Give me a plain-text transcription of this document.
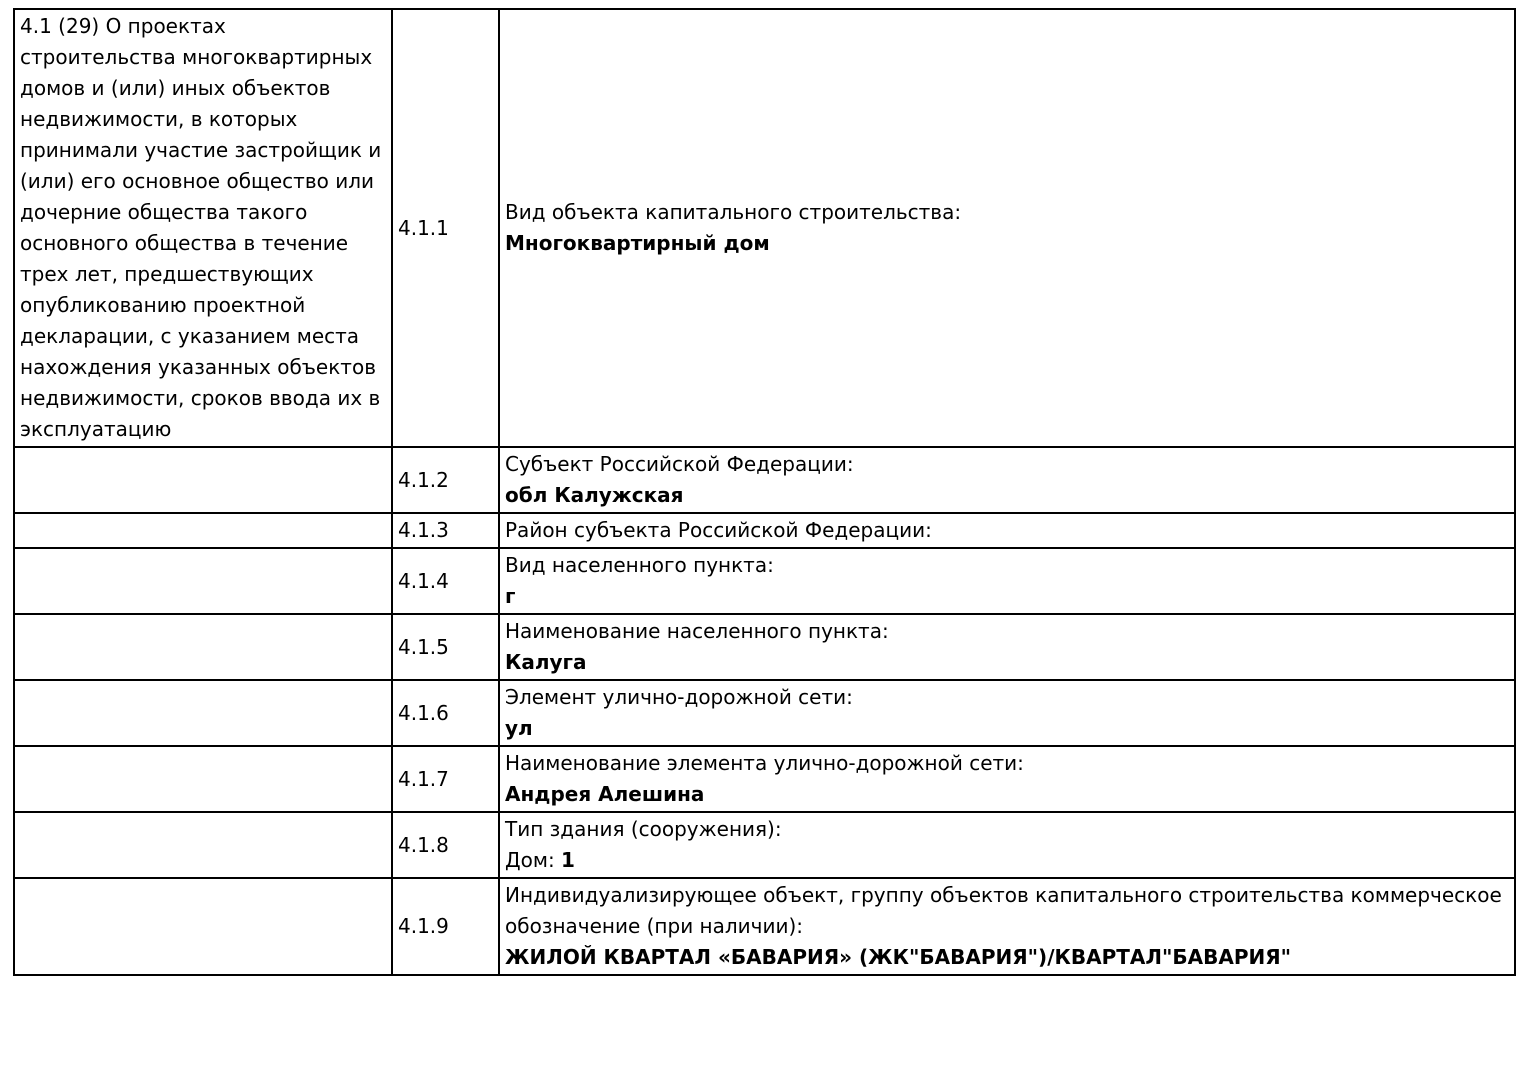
4.1 (29) О проектах строительства многоквартирных домов и (или) иных объектов недвижимости, в которых принимали участие застройщик и (или) его основное общество или дочерние общества такого основного общества в течение трех лет, предшествующих опубликованию проектной декларации, с указанием места нахождения указанных объектов недвижимости, сроков ввода их в эксплуатацию	4.1.1	Вид объекта капитального строительства:
Многоквартирный дом

	4.1.2	Субъект Российской Федерации:
обл Калужская

	4.1.3	Район субъекта Российской Федерации:

	4.1.4	Вид населенного пункта:
г

	4.1.5	Наименование населенного пункта:
Калуга

	4.1.6	Элемент улично-дорожной сети:
ул

	4.1.7	Наименование элемента улично-дорожной сети:
Андрея Алешина

	4.1.8	Тип здания (сооружения):
Дом: 1

	4.1.9	Индивидуализирующее объект, группу объектов капитального строительства коммерческое обозначение (при наличии):
ЖИЛОЙ КВАРТАЛ «БАВАРИЯ» (ЖК"БАВАРИЯ")/КВАРТАЛ"БАВАРИЯ"
